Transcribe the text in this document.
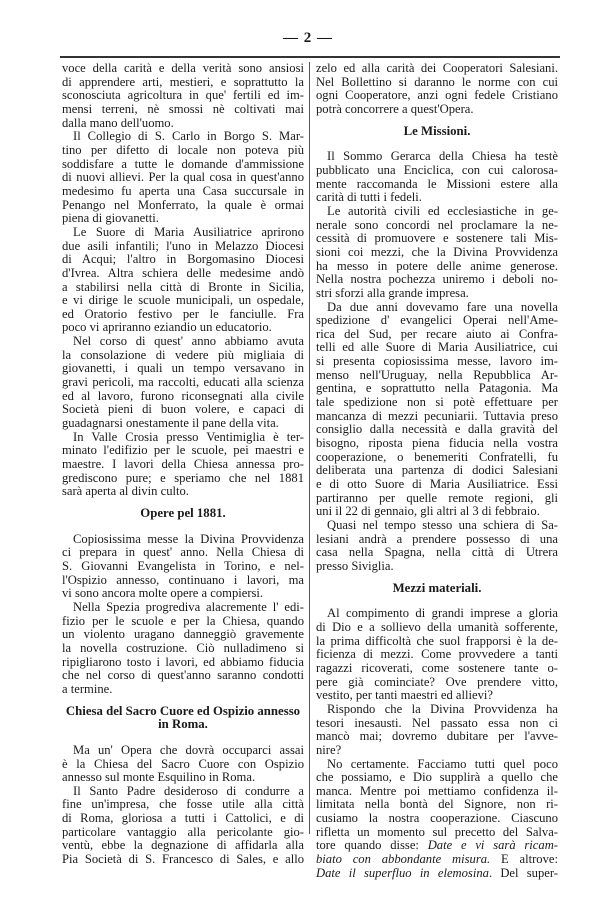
— 2 —
voce della carità e della verità sono ansiosi
di apprendere arti, mestieri, e soprattutto la
sconosciuta agricoltura in que' fertili ed im-
mensi terreni, nè smossi nè coltivati mai
dalla mano dell'uomo.
Il Collegio di S. Carlo in Borgo S. Mar-
tino per difetto di locale non poteva più
soddisfare a tutte le domande d'ammissione
di nuovi allievi. Per la qual cosa in quest'anno
medesimo fu aperta una Casa succursale in
Penango nel Monferrato, la quale è ormai
piena di giovanetti.
Le Suore di Maria Ausiliatrice aprirono
due asili infantili; l'uno in Melazzo Diocesi
di Acqui; l'altro in Borgomasino Diocesi
d'Ivrea. Altra schiera delle medesime andò
a stabilirsi nella città di Bronte in Sicilia,
e vi dirige le scuole municipali, un ospedale,
ed Oratorio festivo per le fanciulle. Fra
poco vi apriranno eziandio un educatorio.
Nel corso di quest' anno abbiamo avuta
la consolazione di vedere più migliaia di
giovanetti, i quali un tempo versavano in
gravi pericoli, ma raccolti, educati alla scienza
ed al lavoro, furono riconsegnati alla civile
Società pieni di buon volere, e capaci di
guadagnarsi onestamente il pane della vita.
In Valle Crosia presso Ventimiglia è ter-
minato l'edifizio per le scuole, pei maestri e
maestre. I lavori della Chiesa annessa pro-
grediscono pure; e speriamo che nel 1881
sarà aperta al divin culto.
Opere pel 1881.
Copiosissima messe la Divina Provvidenza
ci prepara in quest' anno. Nella Chiesa di
S. Giovanni Evangelista in Torino, e nel-
l'Ospizio annesso, continuano i lavori, ma
vi sono ancora molte opere a compiersi.
Nella Spezia progrediva alacremente l' edi-
fizio per le scuole e per la Chiesa, quando
un violento uragano danneggiò gravemente
la novella costruzione. Ciò nulladimeno si
ripigliarono tosto i lavori, ed abbiamo fiducia
che nel corso di quest'anno saranno condotti
a termine.
Chiesa del Sacro Cuore ed Ospizio annesso
in Roma.
Ma un' Opera che dovrà occuparci assai
è la Chiesa del Sacro Cuore con Ospizio
annesso sul monte Esquilino in Roma.
Il Santo Padre desideroso di condurre a
fine un'impresa, che fosse utile alla città
di Roma, gloriosa a tutti i Cattolici, e di
particolare vantaggio alla pericolante gio-
ventù, ebbe la degnazione di affidarla alla
Pia Società di S. Francesco di Sales, e allo
zelo ed alla carità dei Cooperatori Salesiani.
Nel Bollettino si daranno le norme con cui
ogni Cooperatore, anzi ogni fedele Cristiano
potrà concorrere a quest'Opera.
Le Missioni.
Il Sommo Gerarca della Chiesa ha testè
pubblicato una Enciclica, con cui calorosa-
mente raccomanda le Missioni estere alla
carità di tutti i fedeli.
Le autorità civili ed ecclesiastiche in ge-
nerale sono concordi nel proclamare la ne-
cessità di promuovere e sostenere tali Mis-
sioni coi mezzi, che la Divina Provvidenza
ha messo in potere delle anime generose.
Nella nostra pochezza uniremo i deboli no-
stri sforzi alla grande impresa.
Da due anni dovevamo fare una novella
spedizione d' evangelici Operai nell'Ame-
rica del Sud, per recare aiuto ai Confra-
telli ed alle Suore di Maria Ausiliatrice, cui
si presenta copiosissima messe, lavoro im-
menso nell'Uruguay, nella Repubblica Ar-
gentina, e soprattutto nella Patagonia. Ma
tale spedizione non si potè effettuare per
mancanza di mezzi pecuniarii. Tuttavia preso
consiglio dalla necessità e dalla gravità del
bisogno, riposta piena fiducia nella vostra
cooperazione, o benemeriti Confratelli, fu
deliberata una partenza di dodici Salesiani
e di otto Suore di Maria Ausiliatrice. Essi
partiranno per quelle remote regioni, gli
uni il 22 di gennaio, gli altri al 3 di febbraio.
Quasi nel tempo stesso una schiera di Sa-
lesiani andrà a prendere possesso di una
casa nella Spagna, nella città di Utrera
presso Siviglia.
Mezzi materiali.
Al compimento di grandi imprese a gloria
di Dio e a sollievo della umanità sofferente,
la prima difficoltà che suol frapporsi è la de-
ficienza di mezzi. Come provvedere a tanti
ragazzi ricoverati, come sostenere tante o-
pere già cominciate? Ove prendere vitto,
vestito, per tanti maestri ed allievi?
Rispondo che la Divina Provvidenza ha
tesori inesausti. Nel passato essa non ci
mancò mai; dovremo dubitare per l'avve-
nire?
No certamente. Facciamo tutti quel poco
che possiamo, e Dio supplirà a quello che
manca. Mentre poi mettiamo confidenza il-
limitata nella bontà del Signore, non ri-
cusiamo la nostra cooperazione. Ciascuno
rifletta un momento sul precetto del Salva-
tore quando disse: Date e vi sarà ricam-
biato con abbondante misura. E altrove:
Date il superfluo in elemosina. Del super-
